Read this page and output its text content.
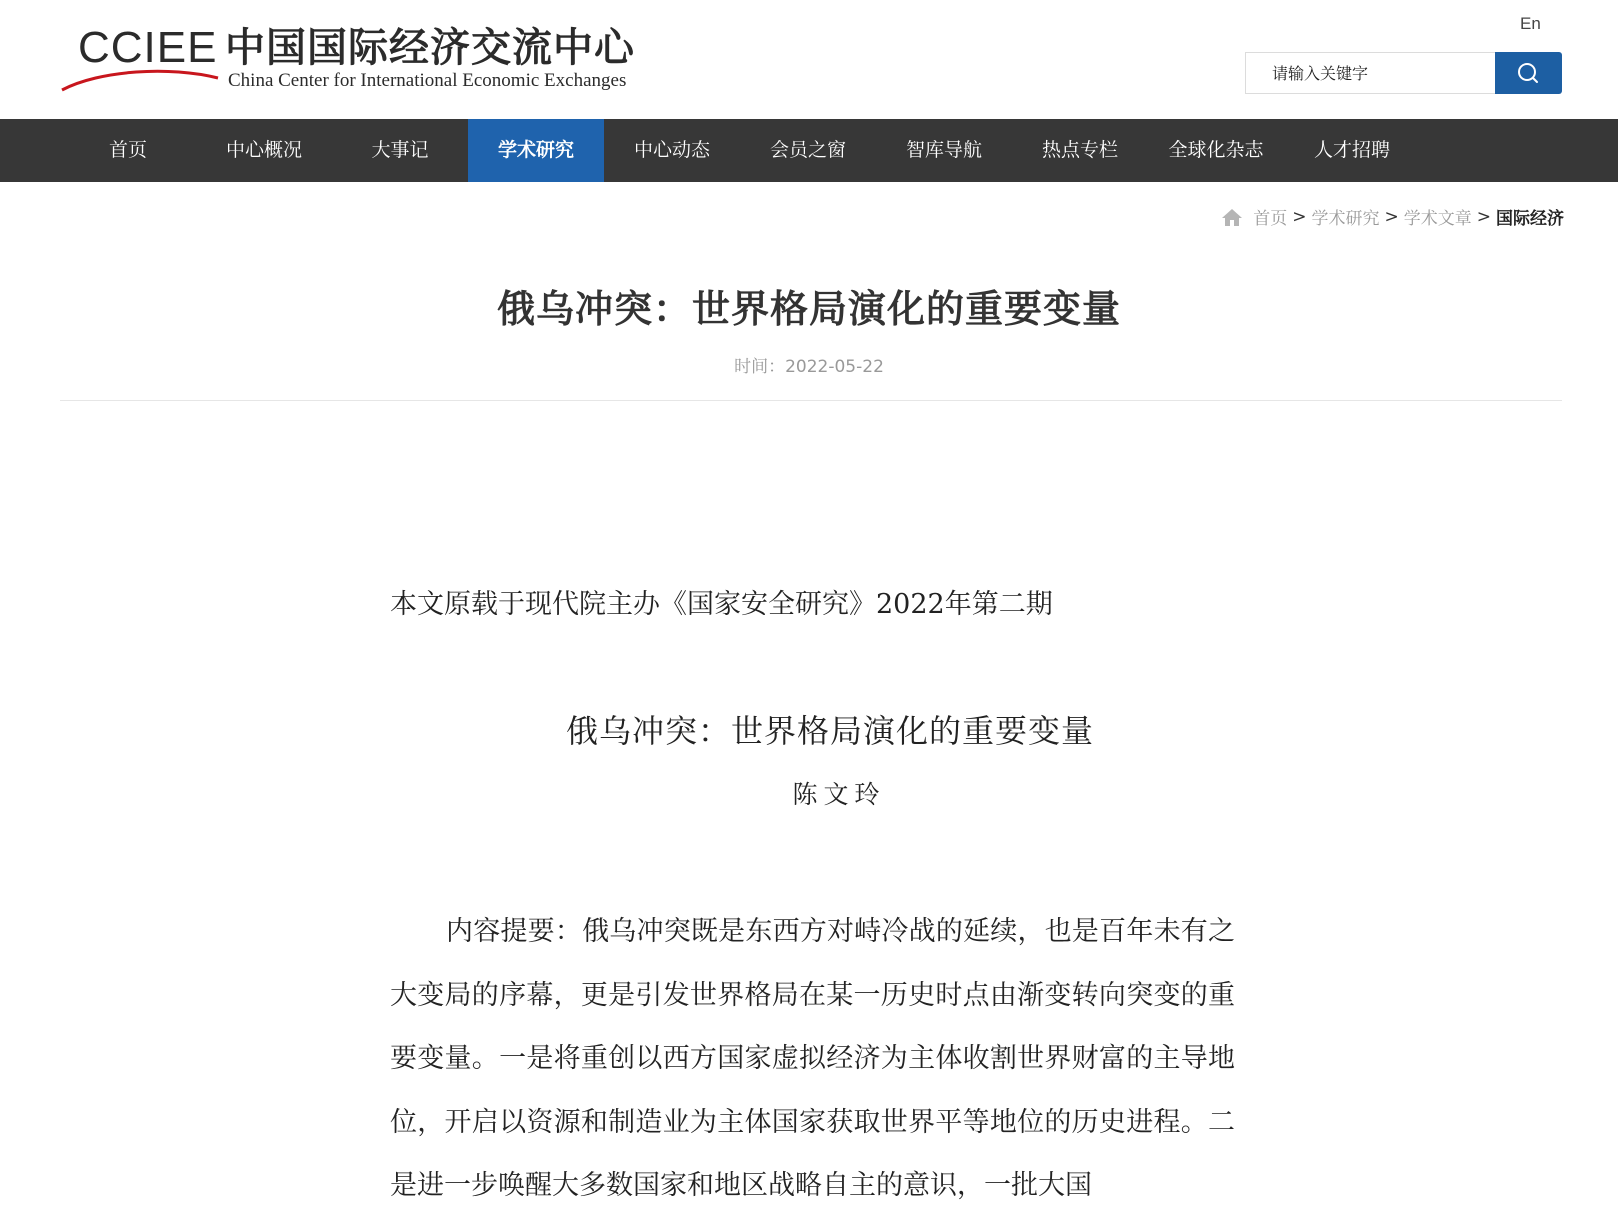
CCIEE 中国国际经济交流中心
China Center for International Economic Exchanges
En
请输入关键字
首页	中心概况	大事记	学术研究	中心动态	会员之窗	智库导航	热点专栏	全球化杂志	人才招聘
首页 > 学术研究 > 学术文章 > 国际经济
俄乌冲突：世界格局演化的重要变量
时间：2022-05-22
本文原载于现代院主办《国家安全研究》2022年第二期
俄乌冲突：世界格局演化的重要变量
陈文玲

内容提要：俄乌冲突既是东西方对峙冷战的延续，也是百年未有之大变局的序幕，更是引发世界格局在某一历史时点由渐变转向突变的重要变量。一是将重创以西方国家虚拟经济为主体收割世界财富的主导地位，开启以资源和制造业为主体国家获取世界平等地位的历史进程。二是进一步唤醒大多数国家和地区战略自主的意识，一批大国
